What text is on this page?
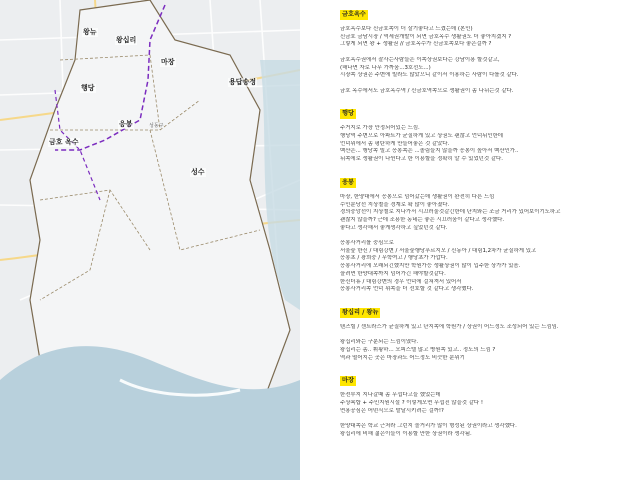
왕뉴
왕십리
마장
행당
용답송정
응봉	성동구
금호 옥수
성수
금호옥수
금호옥수보다 신금호쪽이 더 살기좋다고 느꼈는데 (본인)
신금호 금남시장 / 역세권개발이 되면 금호옥수 생활권도 더 좋아지겠지 ?
그렇게 되면 왕 + 생활권 // 금호옥수가 신금호쪽보다 좋은걸까 ?
금호옥수권에서 잘사는사람들은 이쪽상권보다는 강남이용 할것같고,
(해나면 자로 나무 가까움...3호선도...)
시장쪽 상권은 주변에 빌라도 많았으니 같이서 이용하는 사람이 다를것 같다.
금호 옥수에서도 금호옥수역 / 신금호역쪽으로 생활권이 좀 나뉘는것 같다.
행당
주거지로 가장 안정되어있는 느낌.
행당역 주변으로 아파트가 균질하게 있고 상권도 괜찮고 언덕뒤인한데
언덕위에서 좀 평탄하게 만들어놓은 것 같았다.
백산은... 행당쪽 빌고 응봉쪽은 ...졸림들지 않을까 응봉이 높아서 백산인가..
뒤쪽에로 생활권이 나뉜다고 한 이용할을 정확히 알 수 있었던것 같다.
응봉
마장, 한양대에서 응봉으로 넘어갔는데 생활권이 완전히 다른 느낌
수인분당선 지상철을 경계로 확 많이 좋아졌다.
경의중앙선이 지상철로 지나가서 시끄러울것같긴한데 단지와는 조금 거리가 있어보이기도하고
괜찮지 않을까? 근데 조용한 동네는 좋은 시끄러움이 같다고 생각했다.
좋다고 생각해서 좋게생각하고 싶었던것 같다.
응봉사거리를 중심으로
서울숲 한신 / 대림강변 / 서울숲행당푸르지오 / 신동아 / 대림1,2차가 균질하게 있고
응봉초 / 광희중 / 무학여고 / 행당초가 가깝다.
응봉사거리에 오래되긴했지만 학원가등 생활상권이 많이 입주한 상가가 있음.
늘려면 한양대쪽까지 넘어가긴 해야할것같다.
한신더휴 / 대림강변의 경우 언덕에 걸쳐져서 있어서
응봉사거리쪽 언덕 위쪽을 더 선호할 것 같다고 생각했다.
왕십리 / 왕뉴
텐즈힐 / 센트라스가 균질하게 있고 단지쪽에 학원가 / 상권이 어느정도 조성되어 있는 느낌임.
왕십리와는 구분되는 느낌이였다.
왕십리는 좀.. 휘황하... 오피스텔 많고 병원쪽 있고.. 정도의 느낌 ?
역과 떨어지는 곳은 마장과도 어느정도 비슷한 분위기
마장
한전부지 지나갈때 좀 무섭다고들 했었는데
주상복합 + 주민지원시설 ? 이렇게오면 무섭진 않을것 같다 !
면용공심은 어떤식으로 발달시키려는 걸까!?
한양대쪽은 학교 근처라 그런지 놀거리가 많이 형성된 상권이라고 생각했다.
왕십리에 비해 젊은이들이 이용할 만한 상권이라 생각됨.
